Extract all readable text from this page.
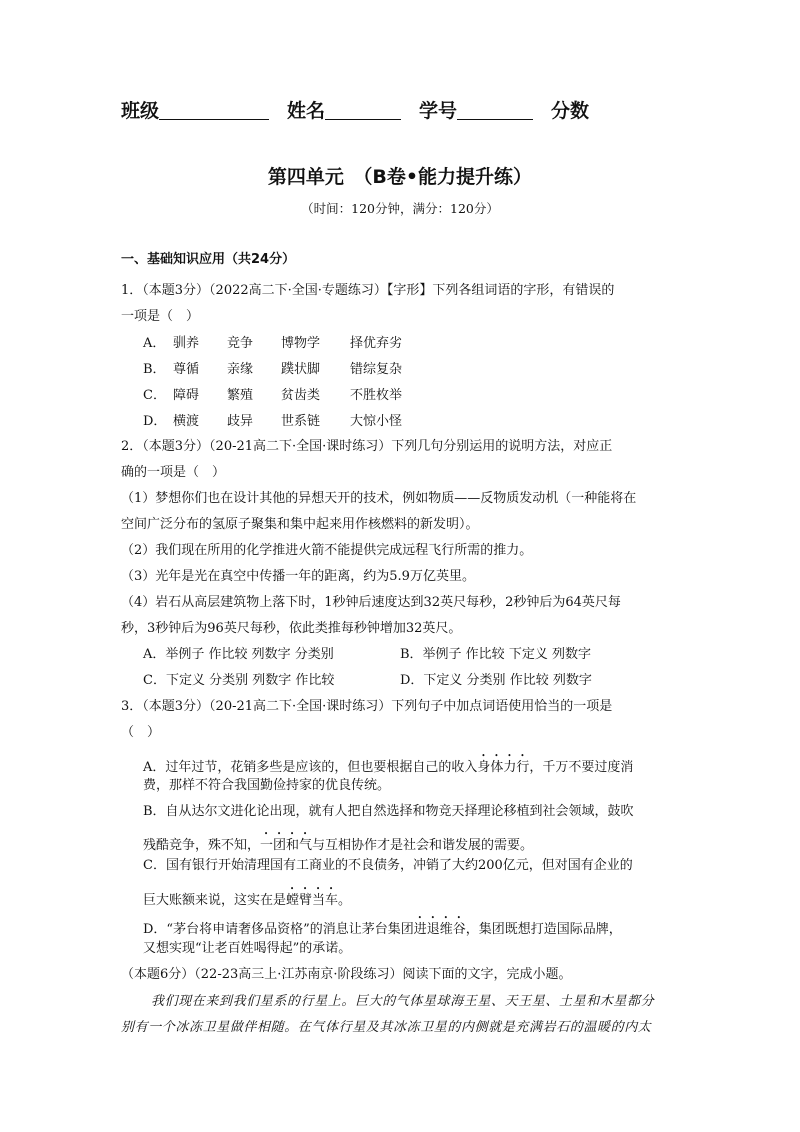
班级	姓名	学号	分数
第四单元　（B卷•能力提升练）
（时间：120分钟，满分：120分）
一、基础知识应用（共24分）
1．（本题3分）（2022高二下·全国·专题练习）【字形】下列各组词语的字形，有错误的
一项是（　）
A． 驯养 竞争 博物学 择优弃劣
B． 尊循 亲缘 蹼状脚 错综复杂
C． 障碍 繁殖 贫齿类 不胜枚举
D． 横渡 歧异 世系链 大惊小怪
2．（本题3分）（20-21高二下·全国·课时练习）下列几句分别运用的说明方法，对应正
确的一项是（　）
（1）梦想你们也在设计其他的异想天开的技术，例如物质——反物质发动机（一种能将在
空间广泛分布的氢原子聚集和集中起来用作核燃料的新发明）。
（2）我们现在所用的化学推进火箭不能提供完成远程飞行所需的推力。
（3）光年是光在真空中传播一年的距离，约为5.9万亿英里。
（4）岩石从高层建筑物上落下时，1秒钟后速度达到32英尺每秒，2秒钟后为64英尺每
秒，3秒钟后为96英尺每秒，依此类推每秒钟增加32英尺。
A．举例子 作比较 列数字 分类别	B．举例子 作比较 下定义 列数字
C．下定义 分类别 列数字 作比较	D．下定义 分类别 作比较 列数字
3．（本题3分）（20-21高二下·全国·课时练习）下列句子中加点词语使用恰当的一项是
（　）
A．过年过节，花销多些是应该的，但也要根据自己的收入身体力行，千万不要过度消
费，那样不符合我国勤俭持家的优良传统。
B．自从达尔文进化论出现，就有人把自然选择和物竞天择理论移植到社会领域，鼓吹
残酷竞争，殊不知，一团和气与互相协作才是社会和谐发展的需要。
C．国有银行开始清理国有工商业的不良债务，冲销了大约200亿元，但对国有企业的
巨大账额来说，这实在是螳臂当车。
D．“茅台将申请奢侈品资格”的消息让茅台集团进退维谷，集团既想打造国际品牌，
又想实现“让老百姓喝得起”的承诺。
（本题6分）（22-23高三上·江苏南京·阶段练习）阅读下面的文字，完成小题。
我们现在来到我们星系的行星上。巨大的气体星球海王星、天王星、土星和木星都分
别有一个冰冻卫星做伴相随。在气体行星及其冰冻卫星的内侧就是充满岩石的温暖的内太
